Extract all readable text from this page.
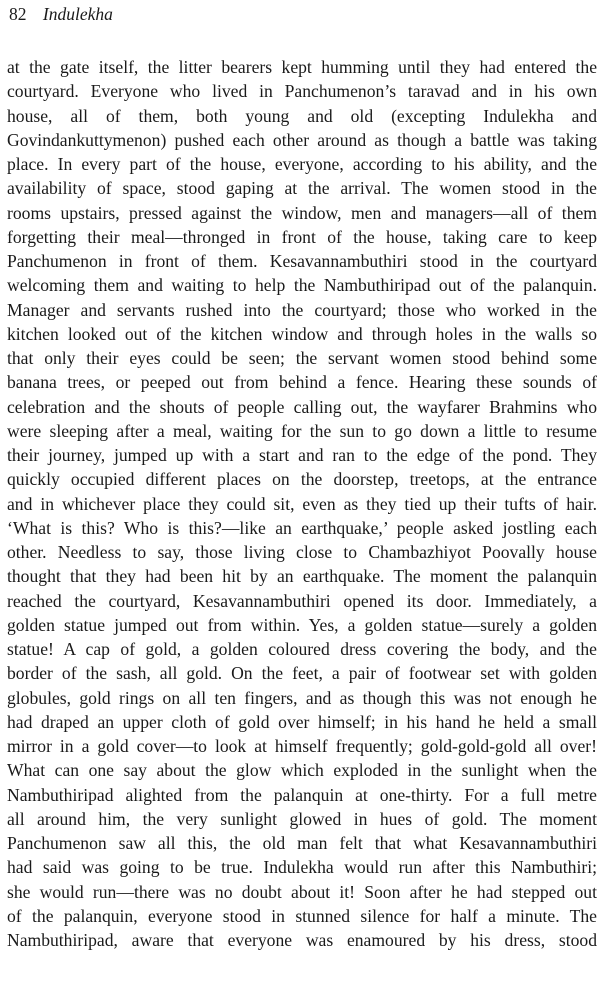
82 Indulekha
at the gate itself, the litter bearers kept humming until they had entered the
courtyard. Everyone who lived in Panchumenon’s taravad and in his own
house, all of them, both young and old (excepting Indulekha and
Govindankuttymenon) pushed each other around as though a battle was taking
place. In every part of the house, everyone, according to his ability, and the
availability of space, stood gaping at the arrival. The women stood in the
rooms upstairs, pressed against the window, men and managers—all of them
forgetting their meal—thronged in front of the house, taking care to keep
Panchumenon in front of them. Kesavannambuthiri stood in the courtyard
welcoming them and waiting to help the Nambuthiripad out of the palanquin.
Manager and servants rushed into the courtyard; those who worked in the
kitchen looked out of the kitchen window and through holes in the walls so
that only their eyes could be seen; the servant women stood behind some
banana trees, or peeped out from behind a fence. Hearing these sounds of
celebration and the shouts of people calling out, the wayfarer Brahmins who
were sleeping after a meal, waiting for the sun to go down a little to resume
their journey, jumped up with a start and ran to the edge of the pond. They
quickly occupied different places on the doorstep, treetops, at the entrance
and in whichever place they could sit, even as they tied up their tufts of hair.
‘What is this? Who is this?—like an earthquake,’ people asked jostling each
other. Needless to say, those living close to Chambazhiyot Poovally house
thought that they had been hit by an earthquake. The moment the palanquin
reached the courtyard, Kesavannambuthiri opened its door. Immediately, a
golden statue jumped out from within. Yes, a golden statue—surely a golden
statue! A cap of gold, a golden coloured dress covering the body, and the
border of the sash, all gold. On the feet, a pair of footwear set with golden
globules, gold rings on all ten fingers, and as though this was not enough he
had draped an upper cloth of gold over himself; in his hand he held a small
mirror in a gold cover—to look at himself frequently; gold-gold-gold all over!
What can one say about the glow which exploded in the sunlight when the
Nambuthiripad alighted from the palanquin at one-thirty. For a full metre
all around him, the very sunlight glowed in hues of gold. The moment
Panchumenon saw all this, the old man felt that what Kesavannambuthiri
had said was going to be true. Indulekha would run after this Nambuthiri;
she would run—there was no doubt about it! Soon after he had stepped out
of the palanquin, everyone stood in stunned silence for half a minute. The
Nambuthiripad, aware that everyone was enamoured by his dress, stood
